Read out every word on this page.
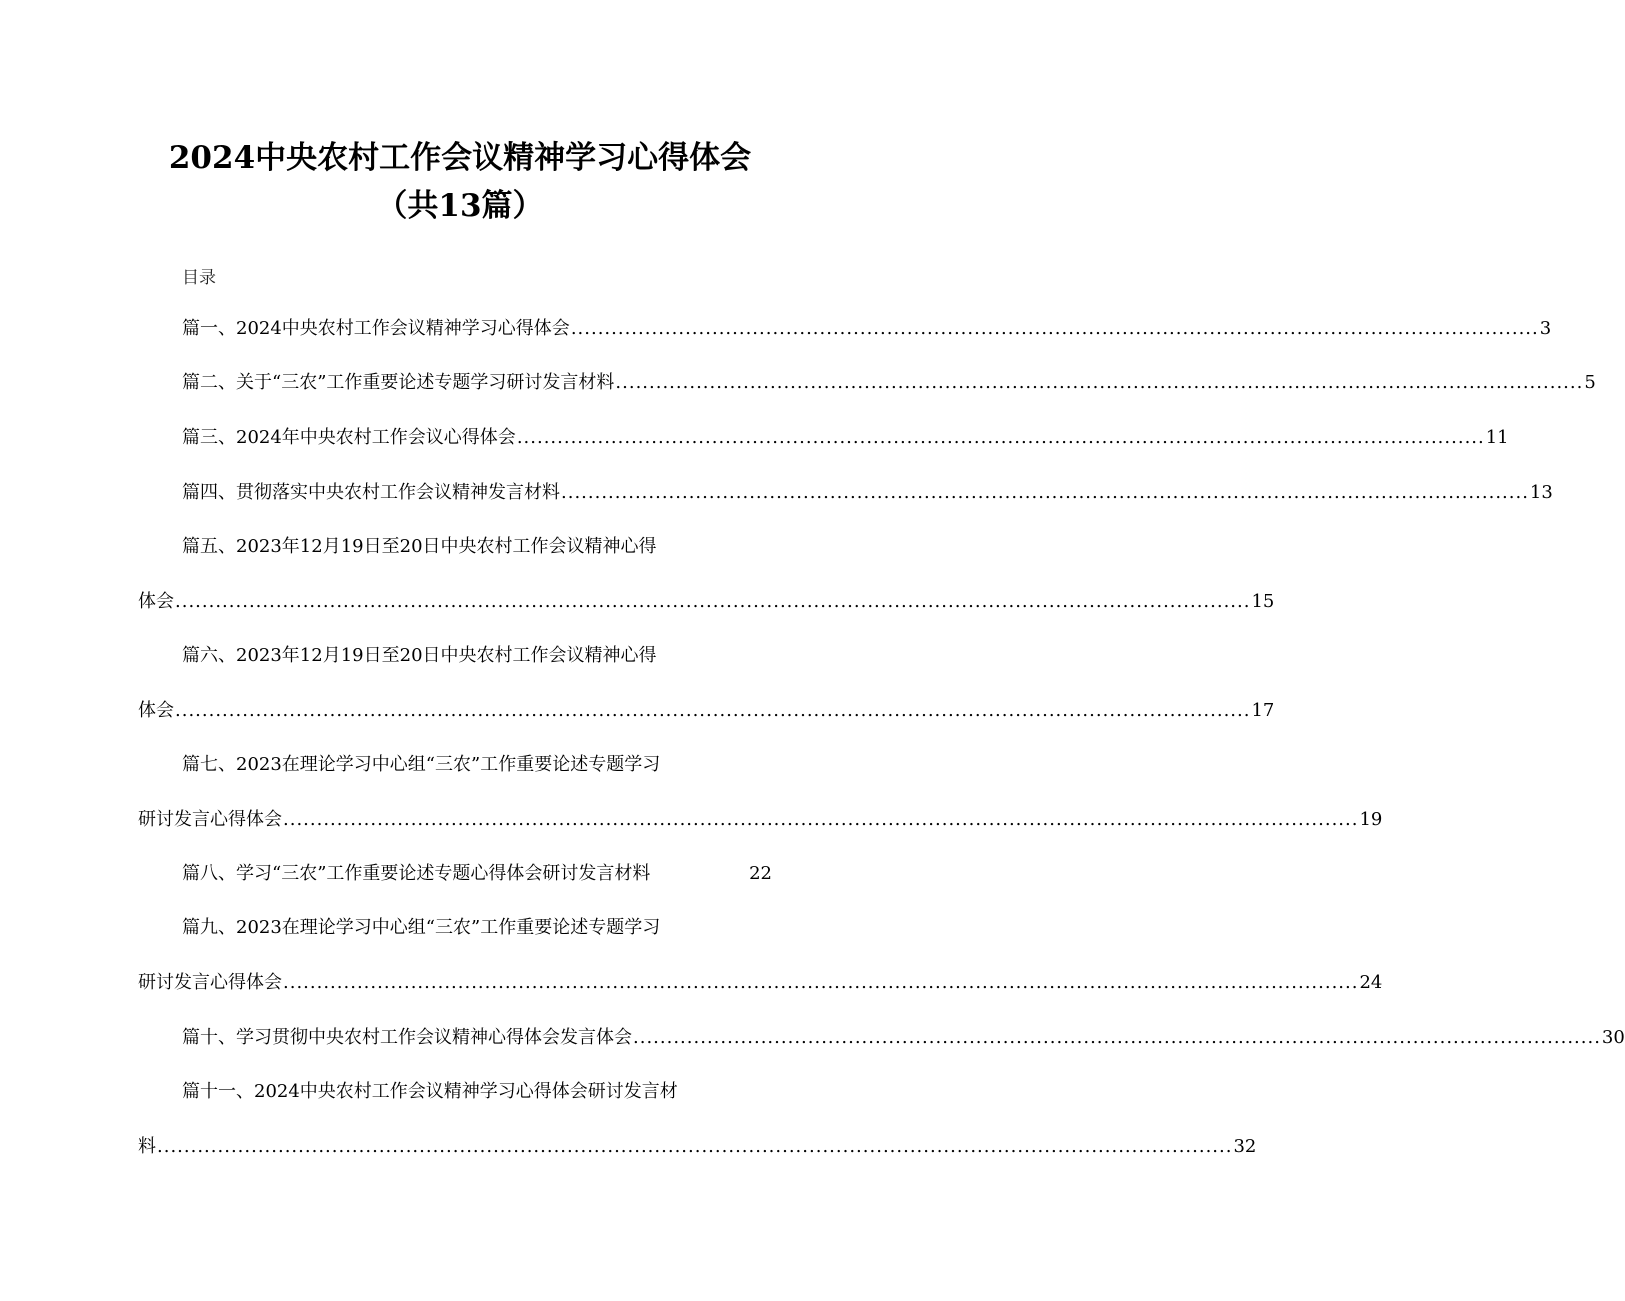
2024中央农村工作会议精神学习心得体会
（共13篇）
目录
篇一、2024中央农村工作会议精神学习心得体会 ................................................................................................................................................ 3
篇二、关于“三农”工作重要论述专题学习研讨发言材料 ................................................................................................................................................ 5
篇三、2024年中央农村工作会议心得体会 ................................................................................................................................................ 11
篇四、贯彻落实中央农村工作会议精神发言材料 ................................................................................................................................................ 13
篇五、2023年12月19日至20日中央农村工作会议精神心得
体会 ................................................................................................................................................................ 15
篇六、2023年12月19日至20日中央农村工作会议精神心得
体会 ................................................................................................................................................................ 17
篇七、2023在理论学习中心组“三农”工作重要论述专题学习
研讨发言心得体会 ................................................................................................................................................................ 19
篇八、学习“三农”工作重要论述专题心得体会研讨发言材料	22
篇九、2023在理论学习中心组“三农”工作重要论述专题学习
研讨发言心得体会 ................................................................................................................................................................ 24
篇十、学习贯彻中央农村工作会议精神心得体会发言体会 ................................................................................................................................................ 30
篇十一、2024中央农村工作会议精神学习心得体会研讨发言材
料 ................................................................................................................................................................ 32
